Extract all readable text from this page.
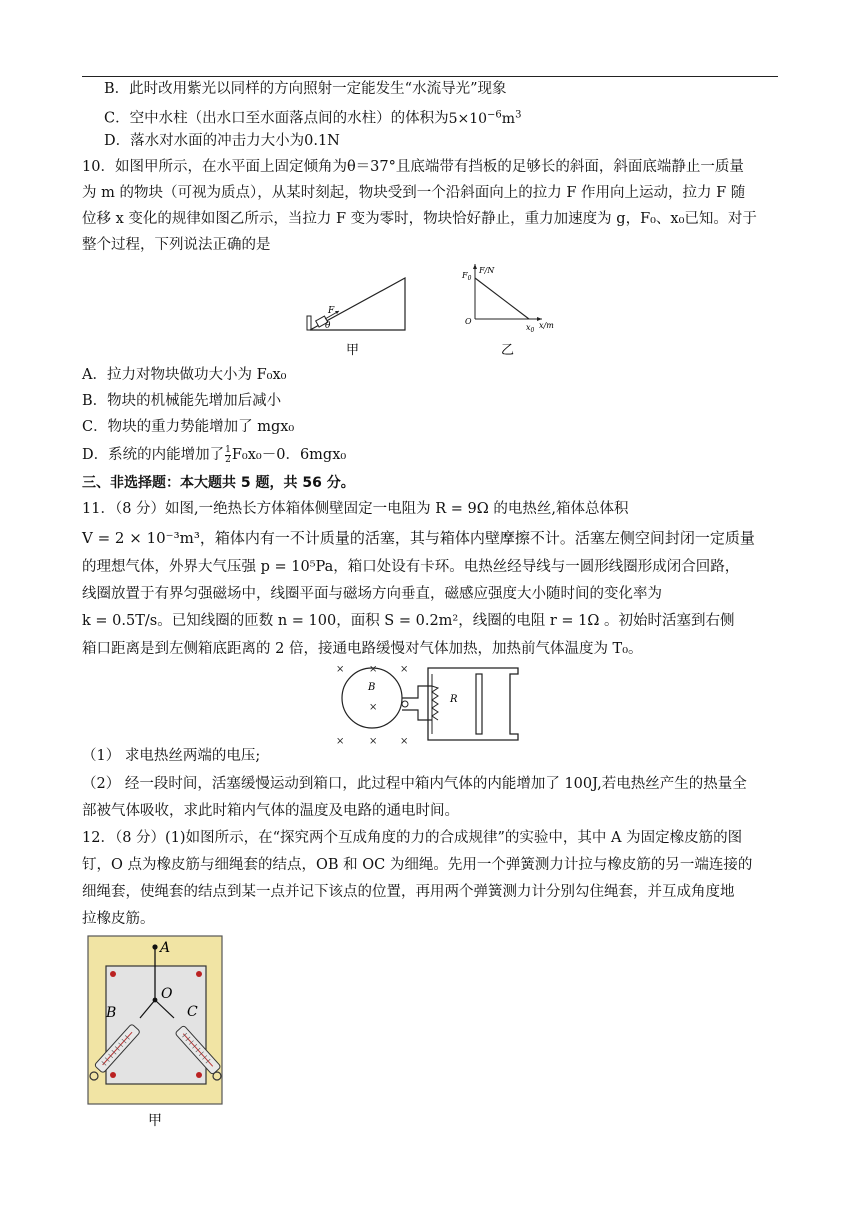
B．此时改用紫光以同样的方向照射一定能发生“水流导光”现象
C．空中水柱（出水口至水面落点间的水柱）的体积为$5\times 10^{-6}m^3$
D．落水对水面的冲击力大小为0.1N
10．如图甲所示，在水平面上固定倾角为θ＝37°且底端带有挡板的足够长的斜面，斜面底端静止一质量
为 m 的物块（可视为质点），从某时刻起，物块受到一个沿斜面向上的拉力 F 作用向上运动，拉力 F 随
位移 x 变化的规律如图乙所示，当拉力 F 变为零时，物块恰好静止，重力加速度为 g，F₀、x₀已知。对于
整个过程，下列说法正确的是
F
θ
$F_0$
F/N
O
$x_0$
x/m
甲	乙
A．拉力对物块做功大小为 F₀x₀
B．物块的机械能先增加后减小
C．物块的重力势能增加了 mgx₀
D．系统的内能增加了 $\frac{1}{2} F_0x_0-0$．6mgx₀
三、非选择题：本大题共 5 题，共 56 分。
11．（8 分）如图,一绝热长方体箱体侧壁固定一电阻为 R = 9Ω 的电热丝,箱体总体积
V = 2 × 10⁻³m³，箱体内有一不计质量的活塞，其与箱体内壁摩擦不计。活塞左侧空间封闭一定质量
的理想气体，外界大气压强 p = 10⁵Pa，箱口处设有卡环。电热丝经导线与一圆形线圈形成闭合回路，
线圈放置于有界匀强磁场中，线圈平面与磁场方向垂直，磁感应强度大小随时间的变化率为
k = 0.5T/s。已知线圈的匝数 n = 100，面积 S = 0.2m²，线圈的电阻 r = 1Ω 。初始时活塞到右侧
箱口距离是到左侧箱底距离的 2 倍，接通电路缓慢对气体加热，加热前气体温度为 T₀。
× × ×
×
× × ×
B
R
（1） 求电热丝两端的电压;
（2） 经一段时间，活塞缓慢运动到箱口，此过程中箱内气体的内能增加了 100J,若电热丝产生的热量全
部被气体吸收，求此时箱内气体的温度及电路的通电时间。
12．（8 分）(1)如图所示，在“探究两个互成角度的力的合成规律”的实验中，其中 A 为固定橡皮筋的图
钉，O 点为橡皮筋与细绳套的结点，OB 和 OC 为细绳。先用一个弹簧测力计拉与橡皮筋的另一端连接的
细绳套，使绳套的结点到某一点并记下该点的位置，再用两个弹簧测力计分别勾住绳套，并互成角度地
拉橡皮筋。
A
O
B	C
甲
